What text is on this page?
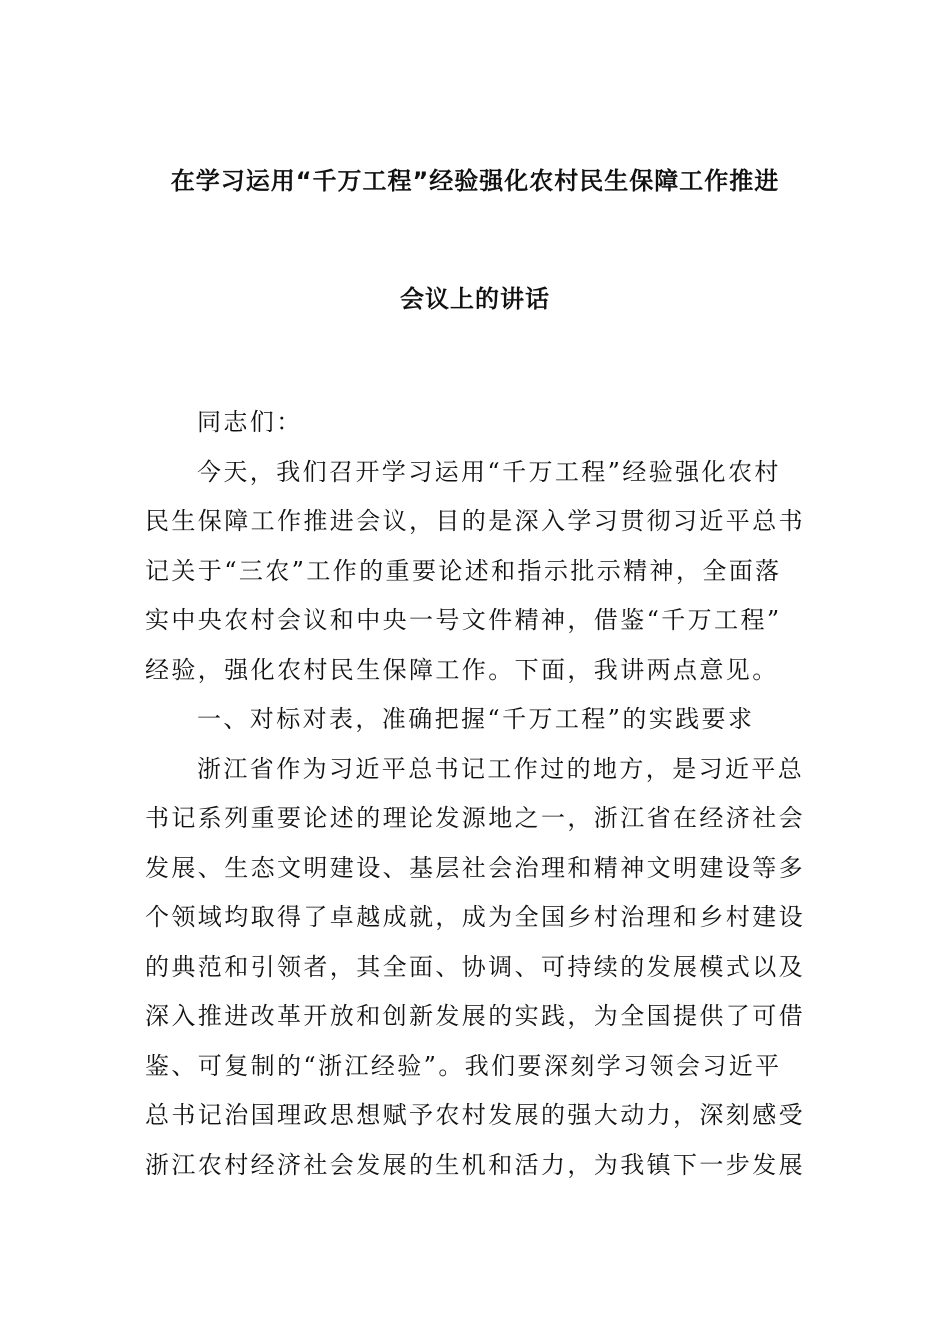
在学习运用“千万工程”经验强化农村民生保障工作推进
会议上的讲话
同志们：
今天，我们召开学习运用“千万工程”经验强化农村
民生保障工作推进会议，目的是深入学习贯彻习近平总书
记关于“三农”工作的重要论述和指示批示精神，全面落
实中央农村会议和中央一号文件精神，借鉴“千万工程”
经验，强化农村民生保障工作。下面，我讲两点意见。
一、对标对表，准确把握“千万工程”的实践要求
浙江省作为习近平总书记工作过的地方，是习近平总
书记系列重要论述的理论发源地之一，浙江省在经济社会
发展、生态文明建设、基层社会治理和精神文明建设等多
个领域均取得了卓越成就，成为全国乡村治理和乡村建设
的典范和引领者，其全面、协调、可持续的发展模式以及
深入推进改革开放和创新发展的实践，为全国提供了可借
鉴、可复制的“浙江经验”。我们要深刻学习领会习近平
总书记治国理政思想赋予农村发展的强大动力，深刻感受
浙江农村经济社会发展的生机和活力，为我镇下一步发展
